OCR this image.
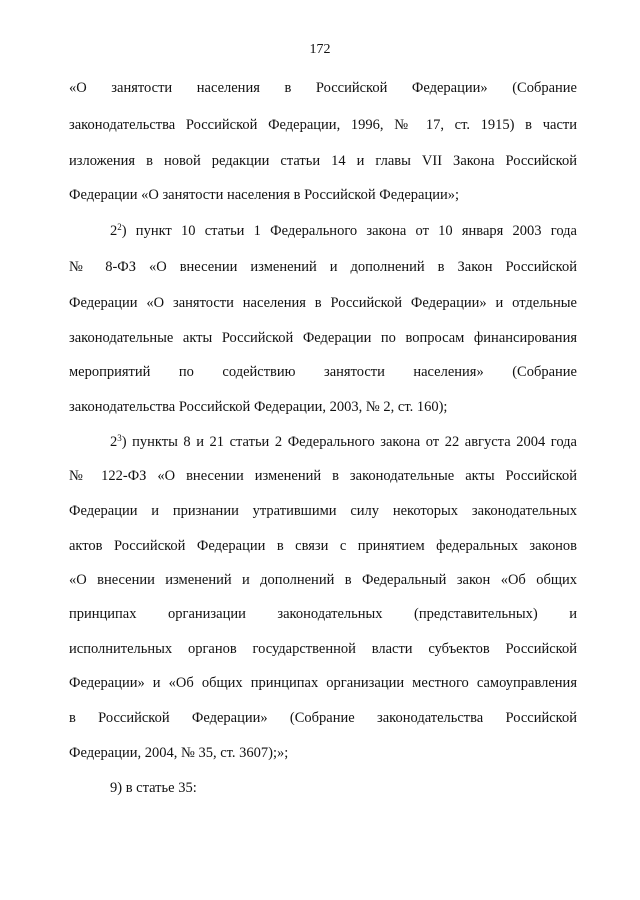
172
«О занятости населения в Российской Федерации» (Собрание
законодательства Российской Федерации, 1996, № 17, ст. 1915) в части
изложения в новой редакции статьи 14 и главы VII Закона Российской
Федерации «О занятости населения в Российской Федерации»;
$2^2$) пункт 10 статьи 1 Федерального закона от 10 января 2003 года
№ 8-ФЗ «О внесении изменений и дополнений в Закон Российской
Федерации «О занятости населения в Российской Федерации» и отдельные
законодательные акты Российской Федерации по вопросам финансирования
мероприятий по содействию занятости населения» (Собрание
законодательства Российской Федерации, 2003, № 2, ст. 160);
$2^3$) пункты 8 и 21 статьи 2 Федерального закона от 22 августа 2004 года
№ 122-ФЗ «О внесении изменений в законодательные акты Российской
Федерации и признании утратившими силу некоторых законодательных
актов Российской Федерации в связи с принятием федеральных законов
«О внесении изменений и дополнений в Федеральный закон «Об общих
принципах организации законодательных (представительных) и
исполнительных органов государственной власти субъектов Российской
Федерации» и «Об общих принципах организации местного самоуправления
в Российской Федерации» (Собрание законодательства Российской
Федерации, 2004, № 35, ст. 3607);»;
9) в статье 35:
